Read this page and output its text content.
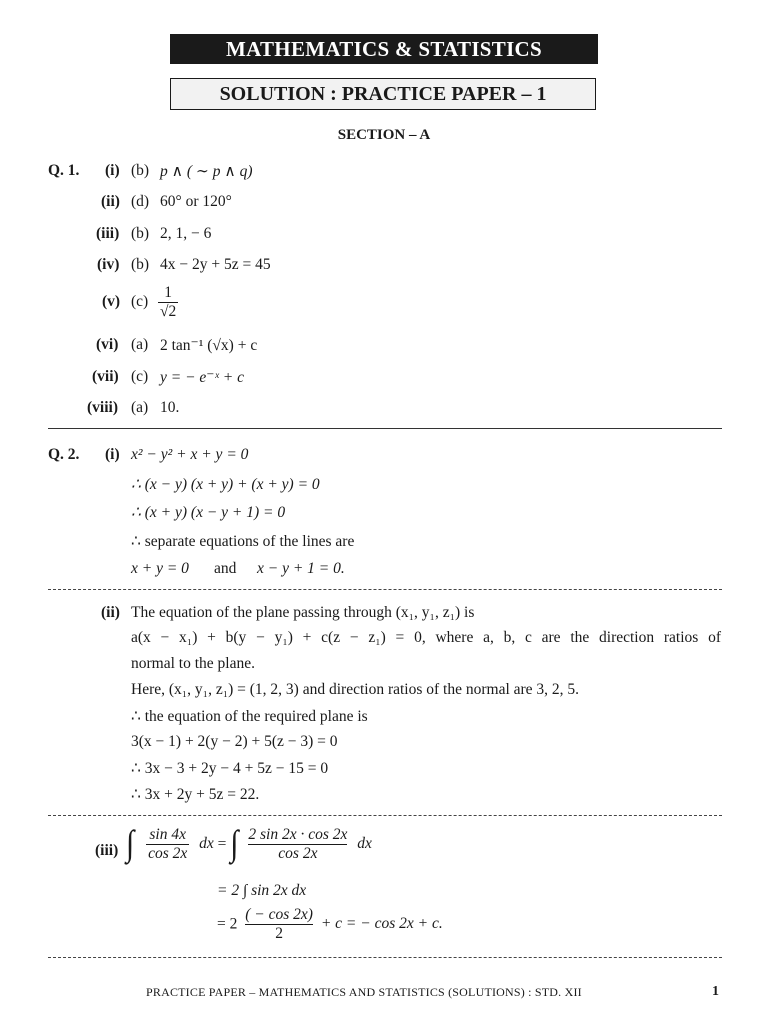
MATHEMATICS & STATISTICS
SOLUTION : PRACTICE PAPER – 1
SECTION – A
Q. 1. (i) (b) p ∧ ( ∼ p ∧ q)
(ii) (d) 60° or 120°
(iii) (b) 2, 1, − 6
(iv) (b) 4x − 2y + 5z = 45
(v) $(c) \frac{1}{√2}$
(vi) (a) 2 tan⁻¹ (√x) + c
(vii) (c) y = − e⁻ˣ + c
(viii) (a) 10.
Q. 2. (i) x² − y² + x + y = 0
∴ (x − y) (x + y) + (x + y) = 0
∴ (x + y) (x − y + 1) = 0
∴ separate equations of the lines are
x + y = 0 and x − y + 1 = 0.
(ii) The equation of the plane passing through (x₁, y₁, z₁) is
a(x − x₁) + b(y − y₁) + c(z − z₁) = 0, where a, b, c are the direction ratios of
normal to the plane.
Here, (x₁, y₁, z₁) = (1, 2, 3) and direction ratios of the normal are 3, 2, 5.
∴ the equation of the required plane is
3(x − 1) + 2(y − 2) + 5(z − 3) = 0
∴ 3x − 3 + 2y − 4 + 5z − 15 = 0
∴ 3x + 2y + 5z = 22.
(iii) ∫ $\frac{\sin 4x}{\cos 2x}$ dx = ∫ $\frac{2 \sin 2x \cdot \cos 2x}{\cos 2x}$ dx
= 2 ∫ sin 2x dx
= $2 \frac{( - \cos 2x)}{2} + c$ = − cos 2x + c.
PRACTICE PAPER – MATHEMATICS AND STATISTICS (SOLUTIONS) : STD. XII	1
